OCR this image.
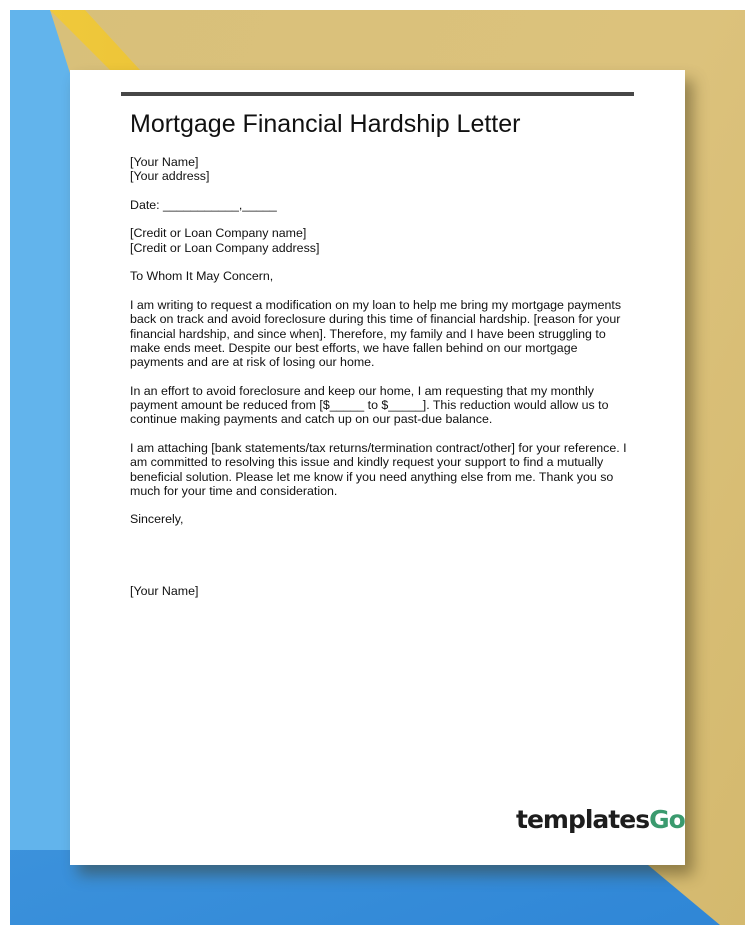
Mortgage Financial Hardship Letter

[Your Name]
[Your address]

Date: ___________,_____

[Credit or Loan Company name]
[Credit or Loan Company address]

To Whom It May Concern,

I am writing to request a modification on my loan to help me bring my mortgage payments back on track and avoid foreclosure during this time of financial hardship. [reason for your financial hardship, and since when]. Therefore, my family and I have been struggling to make ends meet. Despite our best efforts, we have fallen behind on our mortgage payments and are at risk of losing our home.

In an effort to avoid foreclosure and keep our home, I am requesting that my monthly payment amount be reduced from [$_____ to $_____]. This reduction would allow us to continue making payments and catch up on our past-due balance.

I am attaching [bank statements/tax returns/termination contract/other] for your reference. I am committed to resolving this issue and kindly request your support to find a mutually beneficial solution. Please let me know if you need anything else from me. Thank you so much for your time and consideration.

Sincerely,

[Your Name]

templatesGo
